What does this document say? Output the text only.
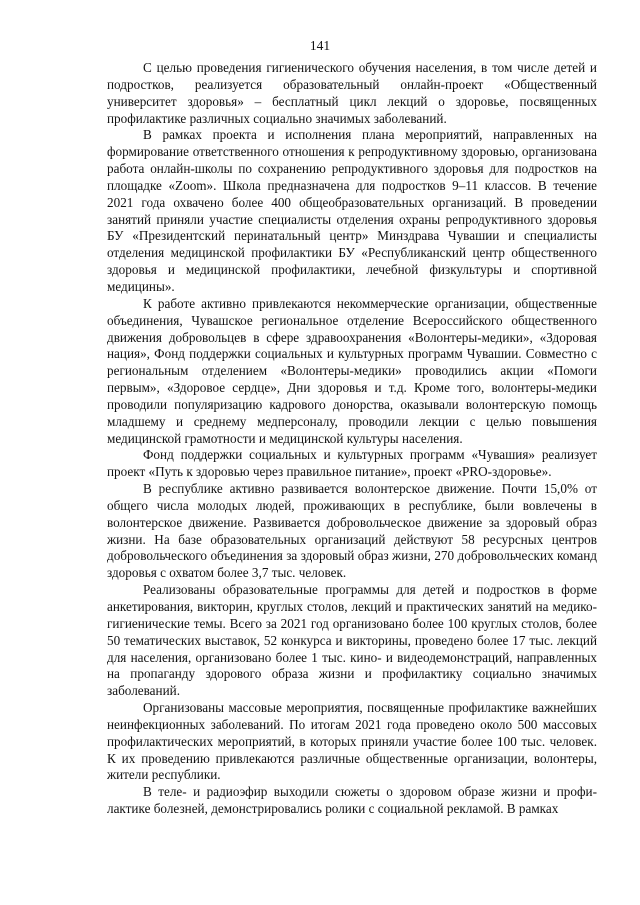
141

С целью проведения гигиенического обучения населения, в том числе детей и подростков, реализуется образовательный онлайн-проект «Общественный университет здоровья» – бесплатный цикл лекций о здоровье, посвященных профилактике различных социально значимых заболеваний.

В рамках проекта и исполнения плана мероприятий, направленных на формирование ответственного отношения к репродуктивному здоровью, организована работа онлайн-школы по сохранению репродуктивного здоровья для подростков на площадке «Zoom». Школа предназначена для подростков 9–11 классов. В течение 2021 года охвачено более 400 общеобразовательных организаций. В проведении занятий приняли участие специалисты отделения охраны репродуктивного здоровья БУ «Президентский перинатальный центр» Минздрава Чувашии и специалисты отделения медицинской профилактики БУ «Республиканский центр общественного здоровья и медицинской профилактики, лечебной физкультуры и спортивной медицины».

К работе активно привлекаются некоммерческие организации, общественные объединения, Чувашское региональное отделение Всероссийского общественного движения добровольцев в сфере здравоохранения «Волонтеры-медики», «Здоровая нация», Фонд поддержки социальных и культурных программ Чувашии. Совместно с региональным отделением «Волонтеры-медики» проводились акции «Помоги первым», «Здоровое сердце», Дни здоровья и т.д. Кроме того, волонтеры-медики проводили популяризацию кадрового донорства, оказывали волонтерскую помощь младшему и среднему медперсоналу, проводили лекции с целью повышения медицинской грамотности и медицинской культуры населения.

Фонд поддержки социальных и культурных программ «Чувашия» реализует проект «Путь к здоровью через правильное питание», проект «PRO-здоровье».

В республике активно развивается волонтерское движение. Почти 15,0% от общего числа молодых людей, проживающих в республике, были вовлечены в волонтерское движение. Развивается добровольческое движение за здоровый образ жизни. На базе образовательных организаций действуют 58 ресурсных центров добровольческого объединения за здоровый образ жизни, 270 добровольческих команд здоровья с охватом более 3,7 тыс. человек.

Реализованы образовательные программы для детей и подростков в форме анкетирования, викторин, круглых столов, лекций и практических занятий на медико-гигиенические темы. Всего за 2021 год организовано более 100 круглых столов, более 50 тематических выставок, 52 конкурса и викторины, проведено более 17 тыс. лекций для населения, организовано более 1 тыс. кино- и видеодемонстраций, направленных на пропаганду здорового образа жизни и профилактику социально значимых заболеваний.

Организованы массовые мероприятия, посвященные профилактике важнейших неинфекционных заболеваний. По итогам 2021 года проведено около 500 массовых профилактических мероприятий, в которых приняли участие более 100 тыс. человек. К их проведению привлекаются различные общественные организации, волонтеры, жители республики.

В теле- и радиоэфир выходили сюжеты о здоровом образе жизни и профилактике болезней, демонстрировались ролики с социальной рекламой. В рамках
